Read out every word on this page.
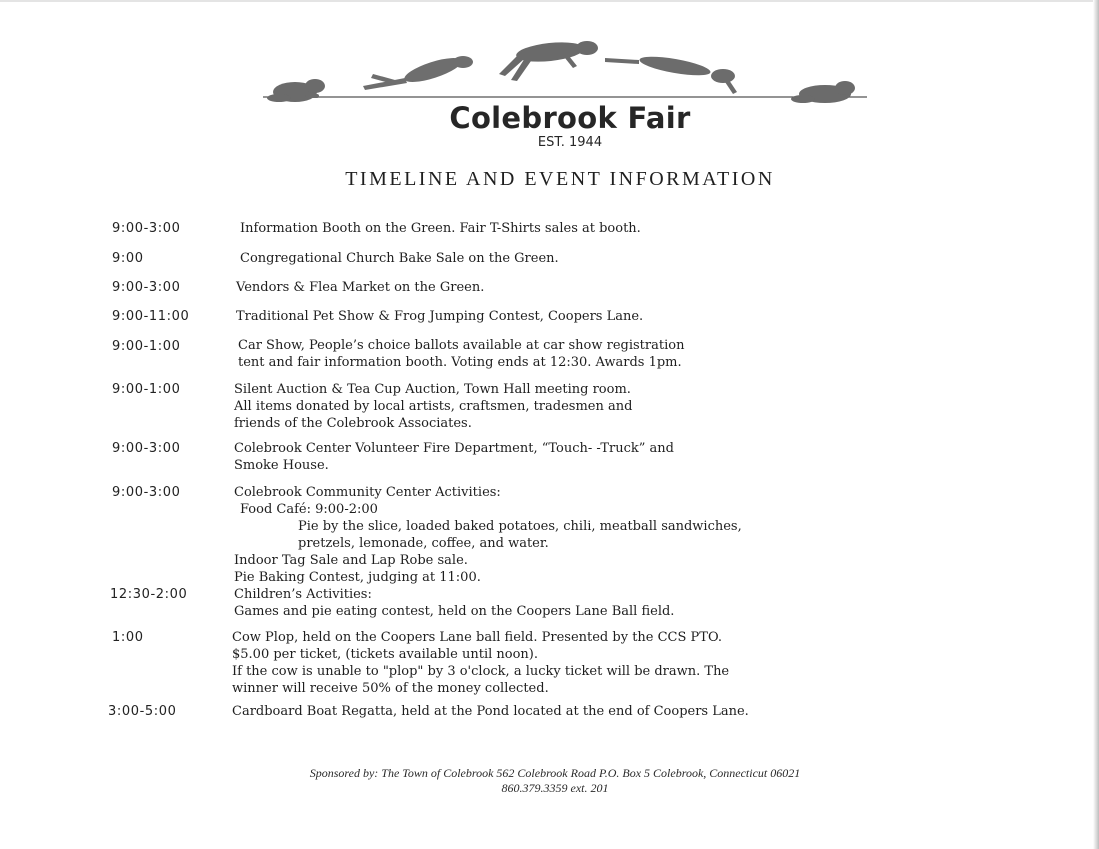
Colebrook Fair
EST. 1944
TIMELINE AND EVENT INFORMATION
9:00-3:00	Information Booth on the Green. Fair T-Shirts sales at booth.
9:00	Congregational Church Bake Sale on the Green.
9:00-3:00	Vendors & Flea Market on the Green.
9:00-11:00	Traditional Pet Show & Frog Jumping Contest, Coopers Lane.
9:00-1:00	Car Show, People’s choice ballots available at car show registration
tent and fair information booth. Voting ends at 12:30. Awards 1pm.
9:00-1:00	Silent Auction & Tea Cup Auction, Town Hall meeting room.
All items donated by local artists, craftsmen, tradesmen and
friends of the Colebrook Associates.
9:00-3:00	Colebrook Center Volunteer Fire Department, “Touch- -Truck” and
Smoke House.
9:00-3:00	Colebrook Community Center Activities:
Food Café: 9:00-2:00
Pie by the slice, loaded baked potatoes, chili, meatball sandwiches,
pretzels, lemonade, coffee, and water.
Indoor Tag Sale and Lap Robe sale.
Pie Baking Contest, judging at 11:00.
12:30-2:00	Children’s Activities:
Games and pie eating contest, held on the Coopers Lane Ball field.
1:00	Cow Plop, held on the Coopers Lane ball field. Presented by the CCS PTO.
$5.00 per ticket, (tickets available until noon).
If the cow is unable to "plop" by 3 o'clock, a lucky ticket will be drawn. The
winner will receive 50% of the money collected.
3:00-5:00	Cardboard Boat Regatta, held at the Pond located at the end of Coopers Lane.
Sponsored by: The Town of Colebrook 562 Colebrook Road P.O. Box 5 Colebrook, Connecticut 06021
860.379.3359 ext. 201
